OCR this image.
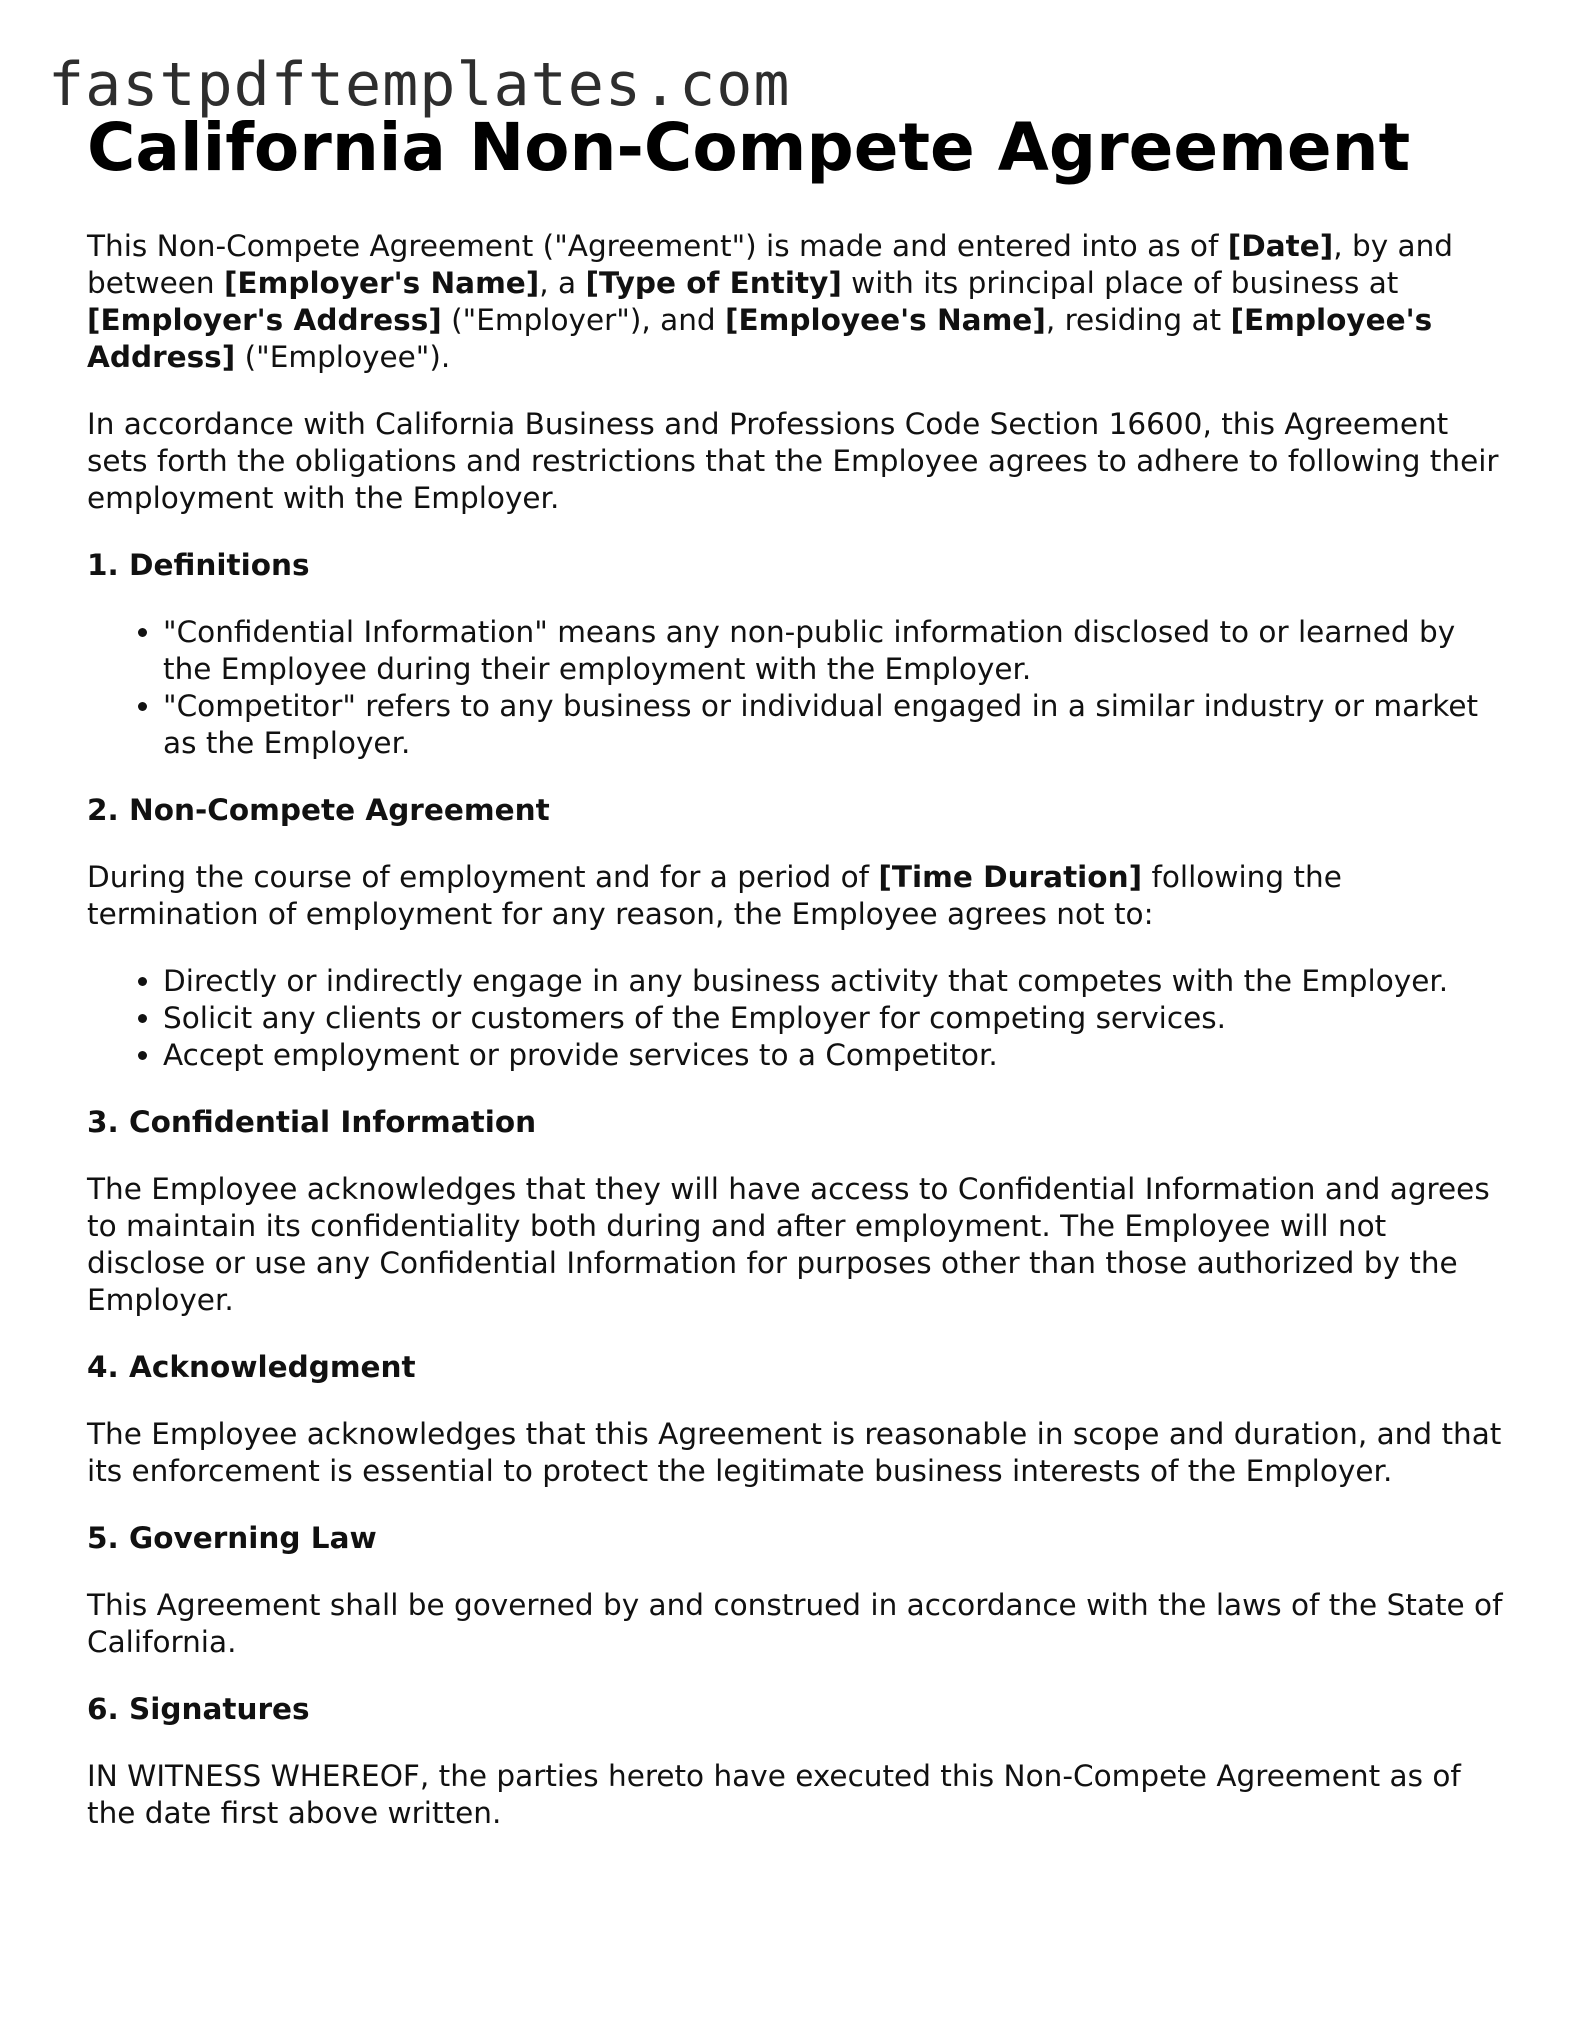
fastpdftemplates.com
California Non-Compete Agreement

This Non-Compete Agreement ("Agreement") is made and entered into as of [Date], by and between [Employer's Name], a [Type of Entity] with its principal place of business at [Employer's Address] ("Employer"), and [Employee's Name], residing at [Employee's Address] ("Employee").

In accordance with California Business and Professions Code Section 16600, this Agreement sets forth the obligations and restrictions that the Employee agrees to adhere to following their employment with the Employer.

1. Definitions
• "Confidential Information" means any non-public information disclosed to or learned by the Employee during their employment with the Employer.
• "Competitor" refers to any business or individual engaged in a similar industry or market as the Employer.
2. Non-Compete Agreement

During the course of employment and for a period of [Time Duration] following the termination of employment for any reason, the Employee agrees not to:

• Directly or indirectly engage in any business activity that competes with the Employer.
• Solicit any clients or customers of the Employer for competing services.
• Accept employment or provide services to a Competitor.
3. Confidential Information

The Employee acknowledges that they will have access to Confidential Information and agrees to maintain its confidentiality both during and after employment. The Employee will not disclose or use any Confidential Information for purposes other than those authorized by the Employer.

4. Acknowledgment

The Employee acknowledges that this Agreement is reasonable in scope and duration, and that its enforcement is essential to protect the legitimate business interests of the Employer.

5. Governing Law

This Agreement shall be governed by and construed in accordance with the laws of the State of California.

6. Signatures

IN WITNESS WHEREOF, the parties hereto have executed this Non-Compete Agreement as of the date first above written.
